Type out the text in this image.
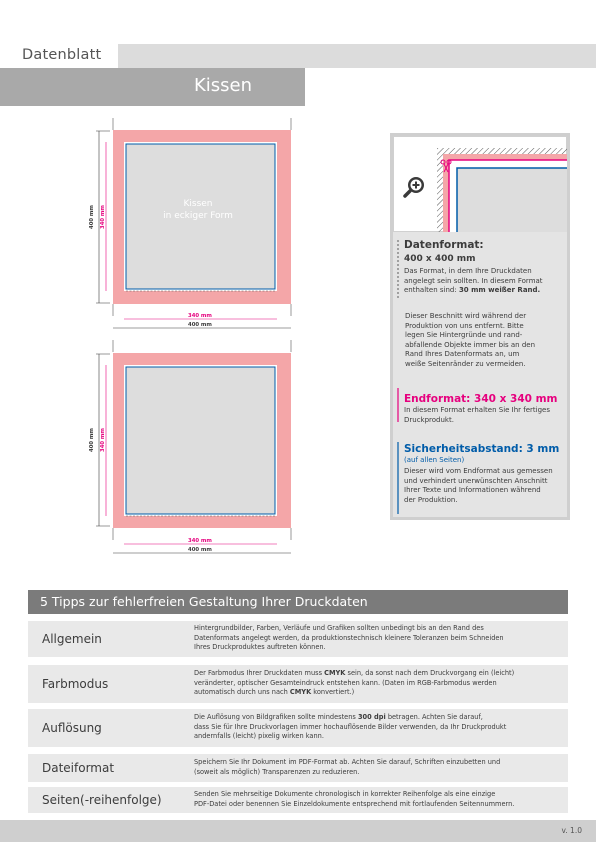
Datenblatt
Kissen
Kissen
in eckiger Form
400 mm 340 mm
340 mm
400 mm
400 mm 340 mm
340 mm
400 mm
Datenformat:
400 x 400 mm
Das Format, in dem Ihre Druckdaten
angelegt sein sollten. In diesem Format
enthalten sind: 30 mm weißer Rand.
Dieser Beschnitt wird während der
Produktion von uns entfernt. Bitte
legen Sie Hintergründe und rand-
abfallende Objekte immer bis an den
Rand Ihres Datenformats an, um
weiße Seitenränder zu vermeiden.
Endformat: 340 x 340 mm
In diesem Format erhalten Sie Ihr fertiges
Druckprodukt.
Sicherheitsabstand: 3 mm
(auf allen Seiten)
Dieser wird vom Endformat aus gemessen
und verhindert unerwünschten Anschnitt
Ihrer Texte und Informationen während
der Produktion.
5 Tipps zur fehlerfreien Gestaltung Ihrer Druckdaten
Allgemein
Hintergrundbilder, Farben, Verläufe und Grafiken sollten unbedingt bis an den Rand des
Datenformats angelegt werden, da produktionstechnisch kleinere Toleranzen beim Schneiden
Ihres Druckproduktes auftreten können.
Farbmodus
Der Farbmodus Ihrer Druckdaten muss CMYK sein, da sonst nach dem Druckvorgang ein (leicht)
veränderter, optischer Gesamteindruck entstehen kann. (Daten im RGB-Farbmodus werden
automatisch durch uns nach CMYK konvertiert.)
Auflösung
Die Auflösung von Bildgrafiken sollte mindestens 300 dpi betragen. Achten Sie darauf,
dass Sie für Ihre Druckvorlagen immer hochauflösende Bilder verwenden, da Ihr Druckprodukt
andernfalls (leicht) pixelig wirken kann.
Dateiformat	Speichern Sie Ihr Dokument im PDF-Format ab. Achten Sie darauf, Schriften einzubetten und
(soweit als möglich) Transparenzen zu reduzieren.
Seiten(-reihenfolge)	Senden Sie mehrseitige Dokumente chronologisch in korrekter Reihenfolge als eine einzige
PDF-Datei oder benennen Sie Einzeldokumente entsprechend mit fortlaufenden Seitennummern.
v. 1.0
